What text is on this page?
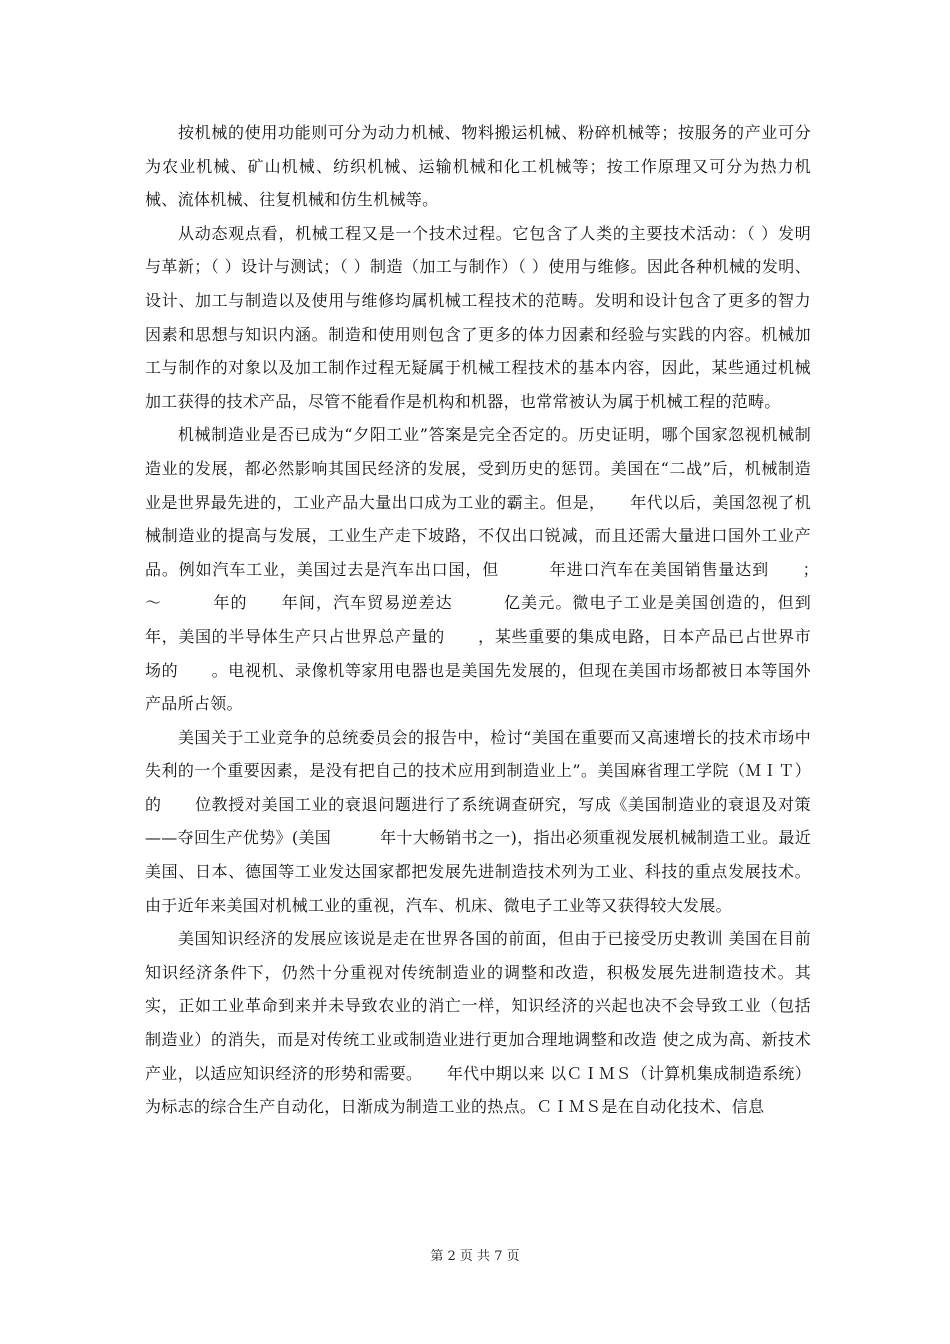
按机械的使用功能则可分为动力机械、物料搬运机械、粉碎机械等；按服务的产业可分为农业机械、矿山机械、纺织机械、运输机械和化工机械等；按工作原理又可分为热力机械、流体机械、往复机械和仿生机械等。

从动态观点看，机械工程又是一个技术过程。它包含了人类的主要技术活动：（ ）发明与革新；（ ）设计与测试；（ ）制造（加工与制作）（ ）使用与维修。因此各种机械的发明、设计、加工与制造以及使用与维修均属机械工程技术的范畴。发明和设计包含了更多的智力因素和思想与知识内涵。制造和使用则包含了更多的体力因素和经验与实践的内容。机械加工与制作的对象以及加工制作过程无疑属于机械工程技术的基本内容，因此，某些通过机械加工获得的技术产品，尽管不能看作是机构和机器，也常常被认为属于机械工程的范畴。

机械制造业是否已成为“夕阳工业”答案是完全否定的。历史证明，哪个国家忽视机械制造业的发展，都必然影响其国民经济的发展，受到历史的惩罚。美国在“二战”后，机械制造业是世界最先进的，工业产品大量出口成为工业的霸主。但是，　　年代以后，美国忽视了机械制造业的提高与发展，工业生产走下坡路，不仅出口锐减，而且还需大量进口国外工业产品。例如汽车工业，美国过去是汽车出口国，但　　　年进口汽车在美国销售量达到　　；　　～　　　年的　　年间，汽车贸易逆差达　　　亿美元。微电子工业是美国创造的，但到　　　年，美国的半导体生产只占世界总产量的　　，某些重要的集成电路，日本产品已占世界市场的　　。电视机、录像机等家用电器也是美国先发展的，但现在美国市场都被日本等国外产品所占领。

美国关于工业竞争的总统委员会的报告中，检讨“美国在重要而又高速增长的技术市场中失利的一个重要因素，是没有把自己的技术应用到制造业上”。美国麻省理工学院（ＭＩＴ）的　　位教授对美国工业的衰退问题进行了系统调查研究，写成《美国制造业的衰退及对策——夺回生产优势》(美国　　　年十大畅销书之一)，指出必须重视发展机械制造工业。最近美国、日本、德国等工业发达国家都把发展先进制造技术列为工业、科技的重点发展技术。由于近年来美国对机械工业的重视，汽车、机床、微电子工业等又获得较大发展。

美国知识经济的发展应该说是走在世界各国的前面，但由于已接受历史教训 美国在目前知识经济条件下，仍然十分重视对传统制造业的调整和改造，积极发展先进制造技术。其实，正如工业革命到来并未导致农业的消亡一样，知识经济的兴起也决不会导致工业（包括制造业）的消失，而是对传统工业或制造业进行更加合理地调整和改造 使之成为高、新技术产业，以适应知识经济的形势和需要。　　年代中期以来 以ＣＩＭＳ（计算机集成制造系统）为标志的综合生产自动化，日渐成为制造工业的热点。ＣＩＭＳ是在自动化技术、信息

第 2 页 共 7 页
